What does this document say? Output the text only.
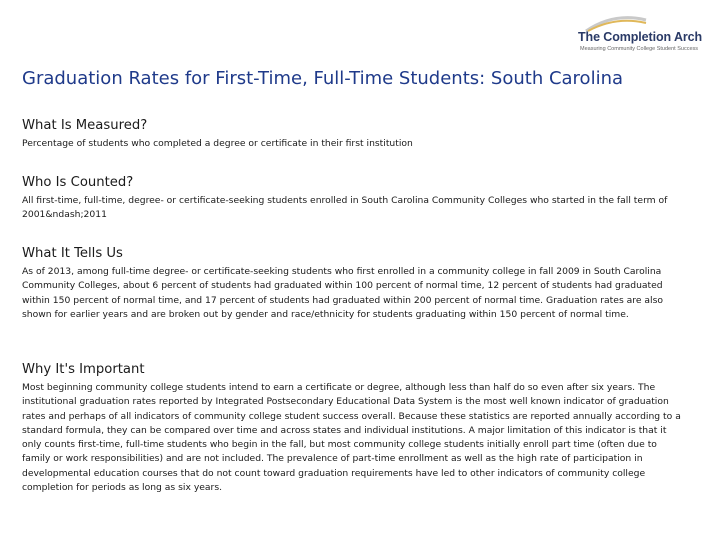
The Completion Arch
Measuring Community College Student Success
Graduation Rates for First-Time, Full-Time Students: South Carolina
What Is Measured?

Percentage of students who completed a degree or certificate in their first institution

Who Is Counted?

All first-time, full-time, degree- or certificate-seeking students enrolled in South Carolina Community Colleges who started in the fall term of 2001&ndash;2011

What It Tells Us

As of 2013, among full-time degree- or certificate-seeking students who first enrolled in a community college in fall 2009 in South Carolina Community Colleges, about 6 percent of students had graduated within 100 percent of normal time, 12 percent of students had graduated within 150 percent of normal time, and 17 percent of students had graduated within 200 percent of normal time. Graduation rates are also shown for earlier years and are broken out by gender and race/ethnicity for students graduating within 150 percent of normal time.

Why It's Important

Most beginning community college students intend to earn a certificate or degree, although less than half do so even after six years. The institutional graduation rates reported by Integrated Postsecondary Educational Data System is the most well known indicator of graduation rates and perhaps of all indicators of community college student success overall. Because these statistics are reported annually according to a standard formula, they can be compared over time and across states and individual institutions. A major limitation of this indicator is that it only counts first-time, full-time students who begin in the fall, but most community college students initially enroll part time (often due to family or work responsibilities) and are not included. The prevalence of part-time enrollment as well as the high rate of participation in developmental education courses that do not count toward graduation requirements have led to other indicators of community college completion for periods as long as six years.
